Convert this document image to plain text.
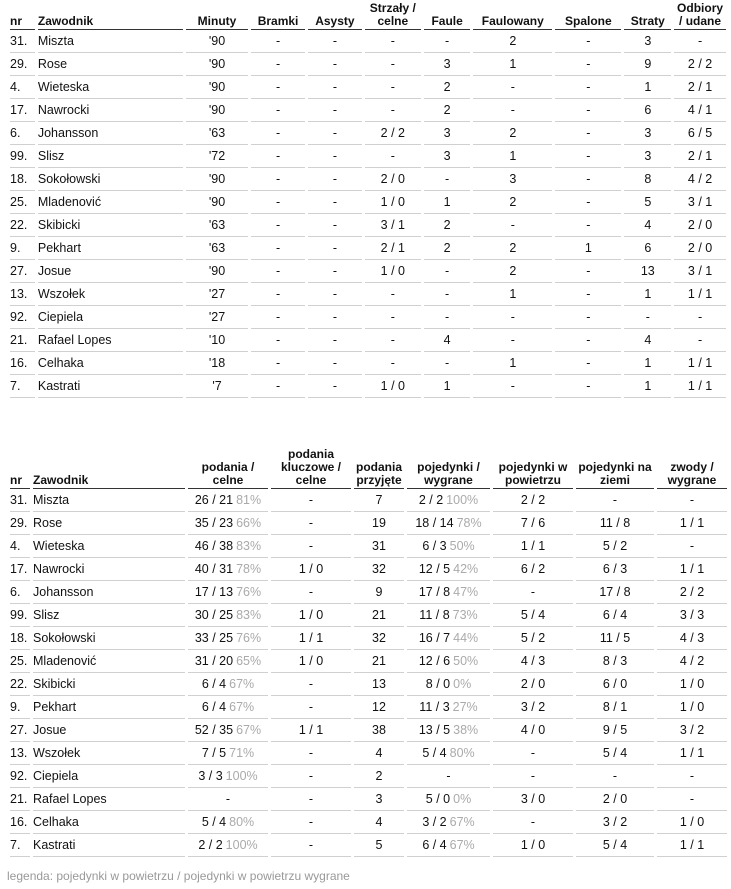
nr	Zawodnik	Minuty	Bramki	Asysty	Strzały / celne	Faule	Faulowany	Spalone	Straty	Odbiory / udane
31.	Miszta	'90	-	-	-	-	2	-	3	-
29.	Rose	'90	-	-	-	3	1	-	9	2 / 2
4.	Wieteska	'90	-	-	-	2	-	-	1	2 / 1
17.	Nawrocki	'90	-	-	-	2	-	-	6	4 / 1
6.	Johansson	'63	-	-	2 / 2	3	2	-	3	6 / 5
99.	Slisz	'72	-	-	-	3	1	-	3	2 / 1
18.	Sokołowski	'90	-	-	2 / 0	-	3	-	8	4 / 2
25.	Mladenović	'90	-	-	1 / 0	1	2	-	5	3 / 1
22.	Skibicki	'63	-	-	3 / 1	2	-	-	4	2 / 0
9.	Pekhart	'63	-	-	2 / 1	2	2	1	6	2 / 0
27.	Josue	'90	-	-	1 / 0	-	2	-	13	3 / 1
13.	Wszołek	'27	-	-	-	-	1	-	1	1 / 1
92.	Ciepiela	'27	-	-	-	-	-	-	-	-
21.	Rafael Lopes	'10	-	-	-	4	-	-	4	-
16.	Celhaka	'18	-	-	-	-	1	-	1	1 / 1
7.	Kastrati	'7	-	-	1 / 0	1	-	-	1	1 / 1
nr	Zawodnik	podania / celne	podania kluczowe / celne	podania przyjęte	pojedynki / wygrane	pojedynki w powietrzu	pojedynki na ziemi	zwody / wygrane
31.	Miszta	26 / 21 81%	-	7	2 / 2 100%	2 / 2	-	-
29.	Rose	35 / 23 66%	-	19	18 / 14 78%	7 / 6	11 / 8	1 / 1
4.	Wieteska	46 / 38 83%	-	31	6 / 3 50%	1 / 1	5 / 2	-
17.	Nawrocki	40 / 31 78%	1 / 0	32	12 / 5 42%	6 / 2	6 / 3	1 / 1
6.	Johansson	17 / 13 76%	-	9	17 / 8 47%	-	17 / 8	2 / 2
99.	Slisz	30 / 25 83%	1 / 0	21	11 / 8 73%	5 / 4	6 / 4	3 / 3
18.	Sokołowski	33 / 25 76%	1 / 1	32	16 / 7 44%	5 / 2	11 / 5	4 / 3
25.	Mladenović	31 / 20 65%	1 / 0	21	12 / 6 50%	4 / 3	8 / 3	4 / 2
22.	Skibicki	6 / 4 67%	-	13	8 / 0 0%	2 / 0	6 / 0	1 / 0
9.	Pekhart	6 / 4 67%	-	12	11 / 3 27%	3 / 2	8 / 1	1 / 0
27.	Josue	52 / 35 67%	1 / 1	38	13 / 5 38%	4 / 0	9 / 5	3 / 2
13.	Wszołek	7 / 5 71%	-	4	5 / 4 80%	-	5 / 4	1 / 1
92.	Ciepiela	3 / 3 100%	-	2	-	-	-	-
21.	Rafael Lopes	-	-	3	5 / 0 0%	3 / 0	2 / 0	-
16.	Celhaka	5 / 4 80%	-	4	3 / 2 67%	-	3 / 2	1 / 0
7.	Kastrati	2 / 2 100%	-	5	6 / 4 67%	1 / 0	5 / 4	1 / 1
legenda: pojedynki w powietrzu / pojedynki w powietrzu wygrane
